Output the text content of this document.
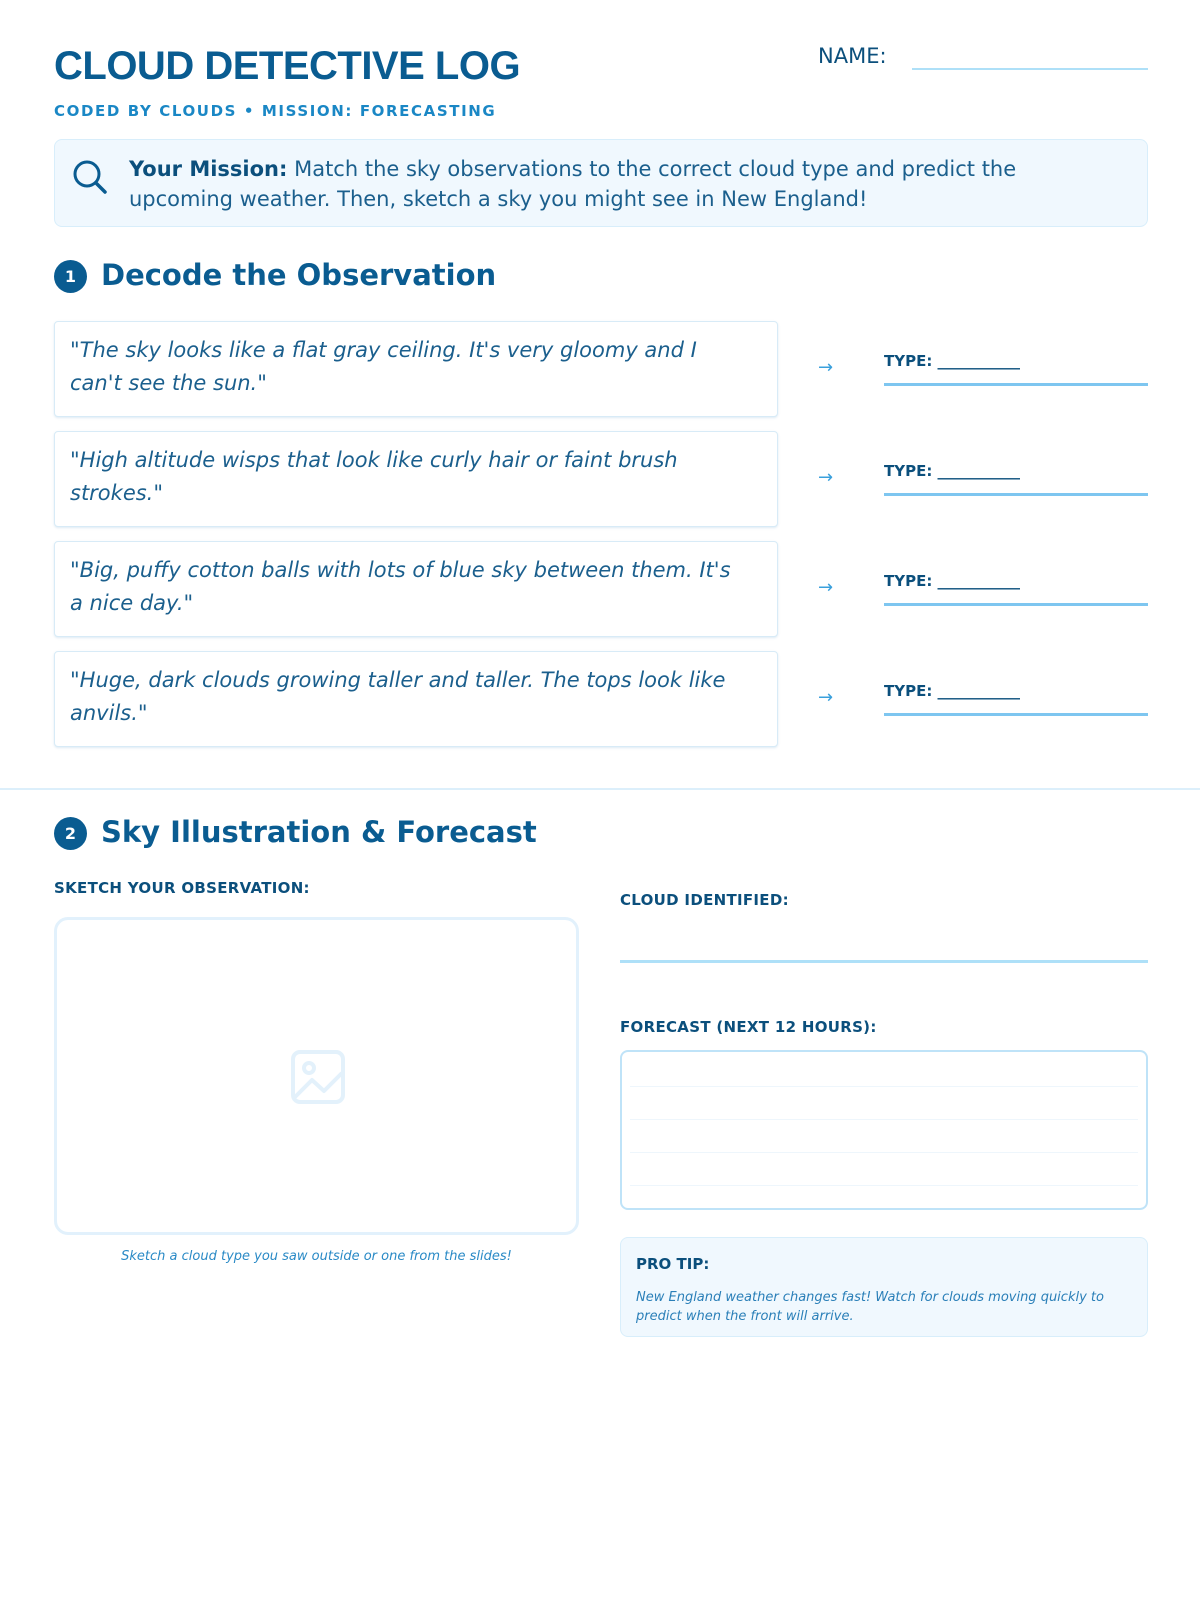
CLOUD DETECTIVE LOG
CODED BY CLOUDS • MISSION: FORECASTING
NAME:
Your Mission: Match the sky observations to the correct cloud type and predict the upcoming weather. Then, sketch a sky you might see in New England!
1 Decode the Observation
"The sky looks like a flat gray ceiling. It's very gloomy and I can't see the sun."
→	TYPE: ___________
"High altitude wisps that look like curly hair or faint brush strokes."
→	TYPE: ___________
"Big, puffy cotton balls with lots of blue sky between them. It's a nice day."
→	TYPE: ___________
"Huge, dark clouds growing taller and taller. The tops look like anvils."
→	TYPE: ___________
2 Sky Illustration & Forecast
SKETCH YOUR OBSERVATION:
Sketch a cloud type you saw outside or one from the slides!
CLOUD IDENTIFIED:
FORECAST (NEXT 12 HOURS):
PRO TIP:
New England weather changes fast! Watch for clouds moving quickly to predict when the front will arrive.
